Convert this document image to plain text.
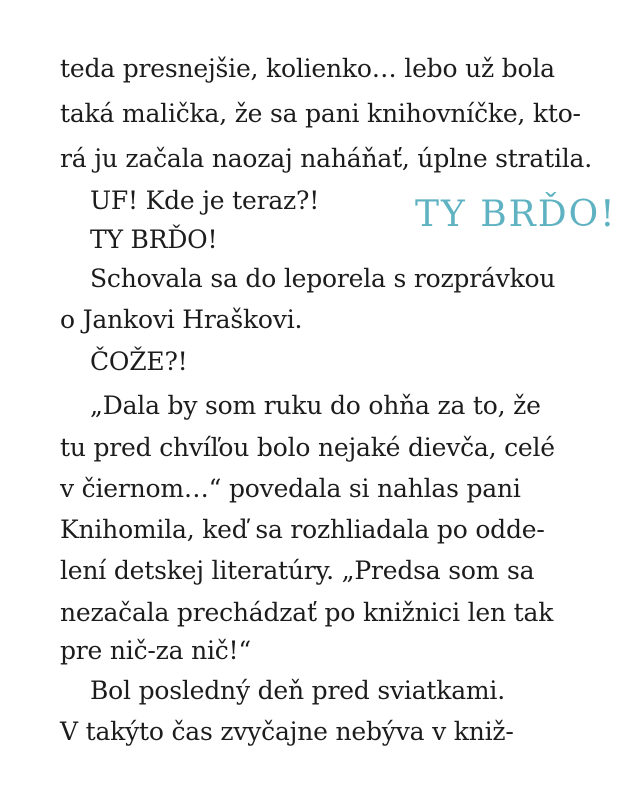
teda presnejšie, kolienko… lebo už bola
taká malička, že sa pani knihovníčke, kto-
rá ju začala naozaj naháňať, úplne stratila.
UF! Kde je teraz?!
TY BRĎO!
Schovala sa do leporela s rozprávkou
o Jankovi Hraškovi.
ČOŽE?!
„Dala by som ruku do ohňa za to, že
tu pred chvíľou bolo nejaké dievča, celé
v čiernom…“ povedala si nahlas pani
Knihomila, keď sa rozhliadala po odde-
lení detskej literatúry. „Predsa som sa
nezačala prechádzať po knižnici len tak
pre nič-za nič!“
Bol posledný deň pred sviatkami.
V takýto čas zvyčajne nebýva v kniž-
TY BRĎO!
